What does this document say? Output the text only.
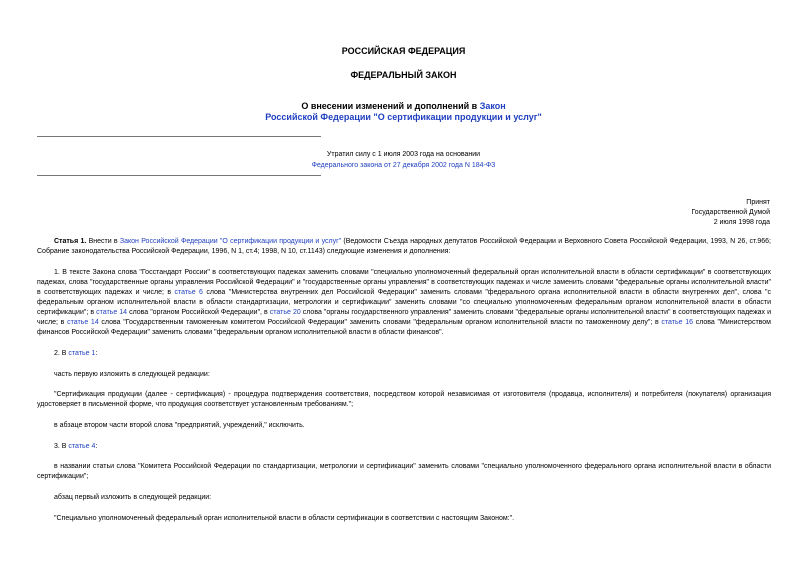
РОССИЙСКАЯ ФЕДЕРАЦИЯ
ФЕДЕРАЛЬНЫЙ ЗАКОН
О внесении изменений и дополнений в Закон
Российской Федерации "О сертификации продукции и услуг"
Утратил силу с 1 июля 2003 года на основании
Федерального закона от 27 декабря 2002 года N 184-ФЗ
Принят
Государственной Думой
2 июля 1998 года
Статья 1. Внести в Закон Российской Федерации "О сертификации продукции и услуг" (Ведомости Съезда народных депутатов Российской Федерации и Верховного Совета Российской Федерации, 1993, N 26, ст.966; Собрание законодательства Российской Федерации, 1996, N 1, ст.4; 1998, N 10, ст.1143) следующие изменения и дополнения:
1. В тексте Закона слова "Госстандарт России" в соответствующих падежах заменить словами "специально уполномоченный федеральный орган исполнительной власти в области сертификации" в соответствующих падежах, слова "государственные органы управления Российской Федерации" и "государственные органы управления" в соответствующих падежах и числе заменить словами "федеральные органы исполнительной власти" в соответствующих падежах и числе; в статье 6 слова "Министерства внутренних дел Российской Федерации" заменить словами "федерального органа исполнительной власти в области внутренних дел", слова "с федеральным органом исполнительной власти в области стандартизации, метрологии и сертификации" заменить словами "со специально уполномоченным федеральным органом исполнительной власти в области сертификации"; в статье 14 слова "органом Российской Федерации", в статье 20 слова "органы государственного управления" заменить словами "федеральные органы исполнительной власти" в соответствующих падежах и числе; в статье 14 слова "Государственным таможенным комитетом Российской Федерации" заменить словами "федеральным органом исполнительной власти по таможенному делу"; в статье 16 слова "Министерством финансов Российской Федерации" заменить словами "федеральным органом исполнительной власти в области финансов".
2. В статье 1:
часть первую изложить в следующей редакции:
"Сертификация продукции (далее - сертификация) - процедура подтверждения соответствия, посредством которой независимая от изготовителя (продавца, исполнителя) и потребителя (покупателя) организация удостоверяет в письменной форме, что продукция соответствует установленным требованиям.";
в абзаце втором части второй слова "предприятий, учреждений," исключить.
3. В статье 4:
в названии статьи слова "Комитета Российской Федерации по стандартизации, метрологии и сертификации" заменить словами "специально уполномоченного федерального органа исполнительной власти в области сертификации";
абзац первый изложить в следующей редакции:
"Специально уполномоченный федеральный орган исполнительной власти в области сертификации в соответствии с настоящим Законом:".
